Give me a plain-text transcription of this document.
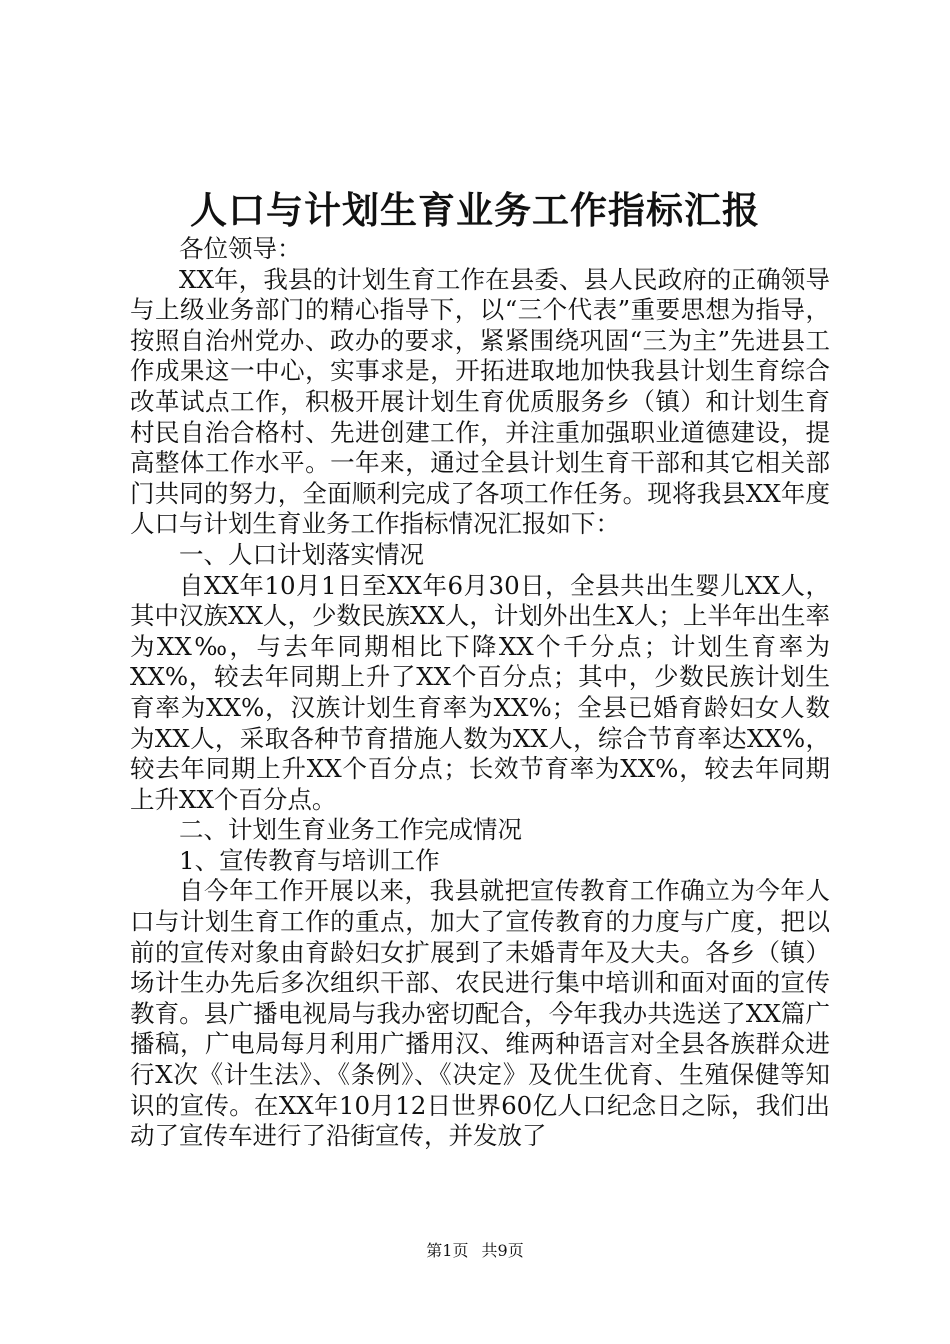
人口与计划生育业务工作指标汇报

各位领导：

XX年，我县的计划生育工作在县委、县人民政府的正确领导与上级业务部门的精心指导下，以“三个代表”重要思想为指导，按照自治州党办、政办的要求，紧紧围绕巩固“三为主”先进县工作成果这一中心，实事求是，开拓进取地加快我县计划生育综合改革试点工作，积极开展计划生育优质服务乡（镇）和计划生育村民自治合格村、先进创建工作，并注重加强职业道德建设，提高整体工作水平。一年来，通过全县计划生育干部和其它相关部门共同的努力，全面顺利完成了各项工作任务。现将我县XX年度人口与计划生育业务工作指标情况汇报如下：

一、人口计划落实情况

自XX年10月1日至XX年6月30日，全县共出生婴儿XX人，其中汉族XX人，少数民族XX人，计划外出生X人；上半年出生率为XX‰，与去年同期相比下降XX个千分点；计划生育率为XX%，较去年同期上升了XX个百分点；其中，少数民族计划生育率为XX%，汉族计划生育率为XX%；全县已婚育龄妇女人数为XX人，采取各种节育措施人数为XX人，综合节育率达XX%，较去年同期上升XX个百分点；长效节育率为XX%，较去年同期上升XX个百分点。

二、计划生育业务工作完成情况

1、宣传教育与培训工作

自今年工作开展以来，我县就把宣传教育工作确立为今年人口与计划生育工作的重点，加大了宣传教育的力度与广度，把以前的宣传对象由育龄妇女扩展到了未婚青年及大夫。各乡（镇）场计生办先后多次组织干部、农民进行集中培训和面对面的宣传教育。县广播电视局与我办密切配合，今年我办共选送了XX篇广播稿，广电局每月利用广播用汉、维两种语言对全县各族群众进行X次《计生法》、《条例》、《决定》及优生优育、生殖保健等知识的宣传。在XX年10月12日世界60亿人口纪念日之际，我们出动了宣传车进行了沿街宣传，并发放了

第1页 共9页
